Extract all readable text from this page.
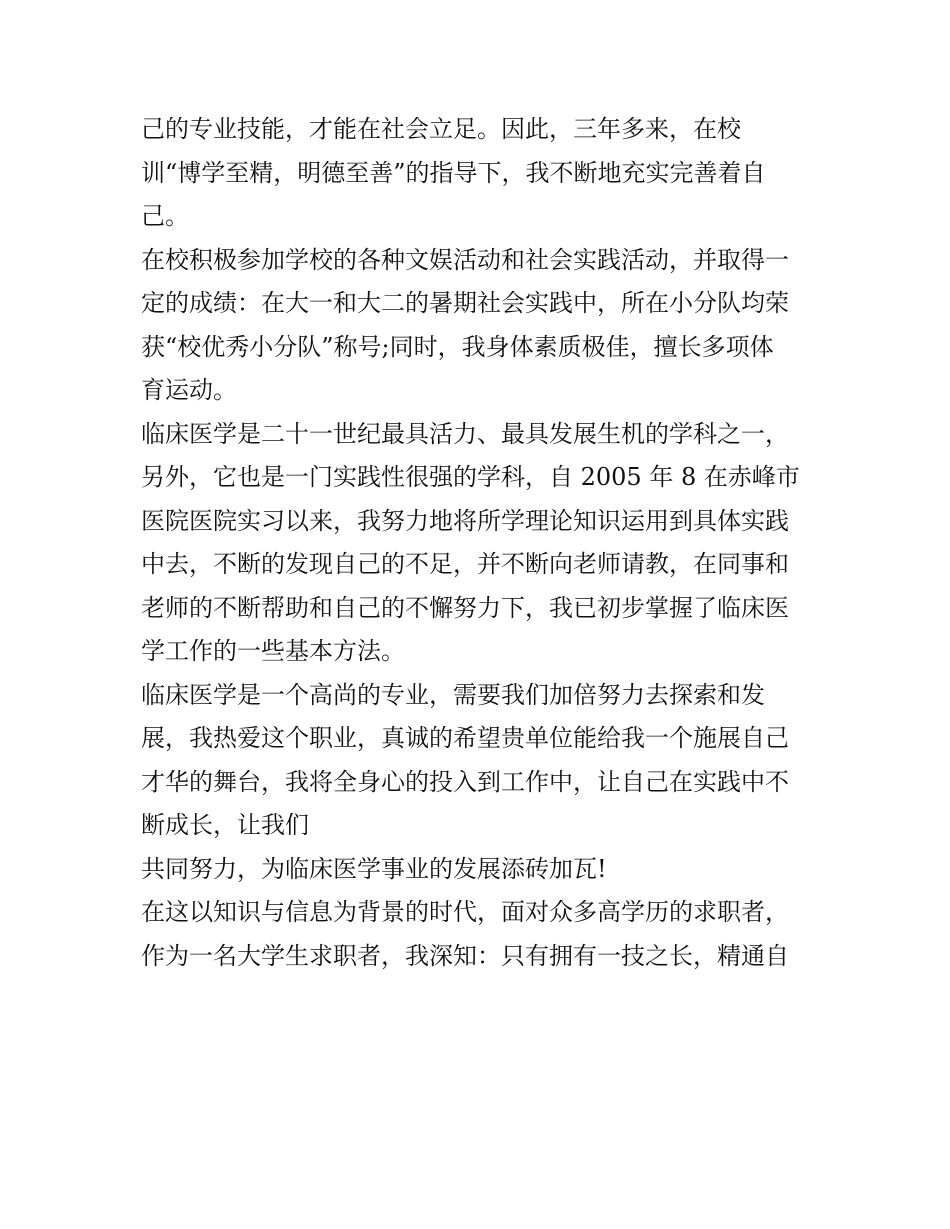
己的专业技能，才能在社会立足。因此，三年多来，在校
训“博学至精，明德至善”的指导下，我不断地充实完善着自
己。
在校积极参加学校的各种文娱活动和社会实践活动，并取得一
定的成绩：在大一和大二的暑期社会实践中，所在小分队均荣
获“校优秀小分队”称号;同时，我身体素质极佳，擅长多项体
育运动。
临床医学是二十一世纪最具活力、最具发展生机的学科之一，
另外，它也是一门实践性很强的学科，自 2005 年 8 在赤峰市
医院医院实习以来，我努力地将所学理论知识运用到具体实践
中去，不断的发现自己的不足，并不断向老师请教，在同事和
老师的不断帮助和自己的不懈努力下，我已初步掌握了临床医
学工作的一些基本方法。
临床医学是一个高尚的专业，需要我们加倍努力去探索和发
展，我热爱这个职业，真诚的希望贵单位能给我一个施展自己
才华的舞台，我将全身心的投入到工作中，让自己在实践中不
断成长，让我们
共同努力，为临床医学事业的发展添砖加瓦!
在这以知识与信息为背景的时代，面对众多高学历的求职者，
作为一名大学生求职者，我深知：只有拥有一技之长，精通自
